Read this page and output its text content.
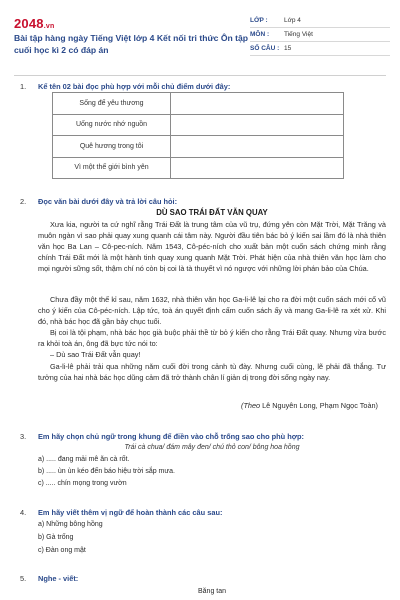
2048.vn
Bài tập hàng ngày Tiếng Việt lớp 4 Kết nối tri thức Ôn tập cuối học kì 2 có đáp án
LỚP :	Lớp 4
MÔN :	Tiếng Việt
SỐ CÂU : 15
1. Kể tên 02 bài đọc phù hợp với mỗi chủ điểm dưới đây:
Sống để yêu thương	
Uống nước nhớ nguồn	
Quê hương trong tôi	
Vì một thế giới bình yên	
2. Đọc văn bài dưới đây và trả lời câu hỏi:
DÙ SAO TRÁI ĐẤT VẪN QUAY
Xưa kia, người ta cứ nghĩ rằng Trái Đất là trung tâm của vũ trụ, đứng yên còn Mặt Trời, Mặt Trăng và muôn ngàn vì sao phải quay xung quanh cái tâm này. Người đầu tiên bác bỏ ý kiến sai lầm đó là nhà thiên văn học Ba Lan – Cô-pec-ních. Năm 1543, Cô-péc-ních cho xuất bản một cuốn sách chứng minh rằng chính Trái Đất mới là một hành tinh quay xung quanh Mặt Trời. Phát hiện của nhà thiên văn học làm cho mọi người sững sốt, thậm chí nó còn bị coi là tà thuyết vì nó ngược với những lời phán bảo của Chúa.
Chưa đầy một thế kỉ sau, năm 1632, nhà thiên văn học Ga-li-lê lại cho ra đời một cuốn sách mới cổ vũ cho ý kiến của Cô-péc-ních. Lập tức, toà án quyết định cấm cuốn sách ấy và mang Ga-li-lê ra xét xử. Khi đó, nhà bác học đã gần bảy chục tuổi.
Bị coi là tội phạm, nhà bác học già buộc phải thề từ bỏ ý kiến cho rằng Trái Đất quay. Nhưng vừa bước ra khỏi toà án, ông đã bực tức nói to:
– Dù sao Trái Đất vẫn quay!
Ga-li-lê phải trải qua những năm cuối đời trong cảnh tù đày. Nhưng cuối cùng, lẽ phải đã thắng. Tư tưởng của hai nhà bác học dũng cảm đã trở thành chân lí giản dị trong đời sống ngày nay.
(Theo Lê Nguyên Long, Phạm Ngọc Toàn)
3. Em hãy chọn chủ ngữ trong khung để điền vào chỗ trống sao cho phù hợp:
Trái cà chua/ đám mây đen/ chú thỏ con/ bông hoa hồng
a) ..... đang mải mê ăn cà rốt.
b) ..... ùn ùn kéo đến báo hiệu trời sắp mưa.
c) ..... chín mọng trong vườn
4. Em hãy viết thêm vị ngữ để hoàn thành các câu sau:
a) Những bông hồng
b) Gà trống
c) Đàn ong mật
5. Nghe - viết:
Băng tan
